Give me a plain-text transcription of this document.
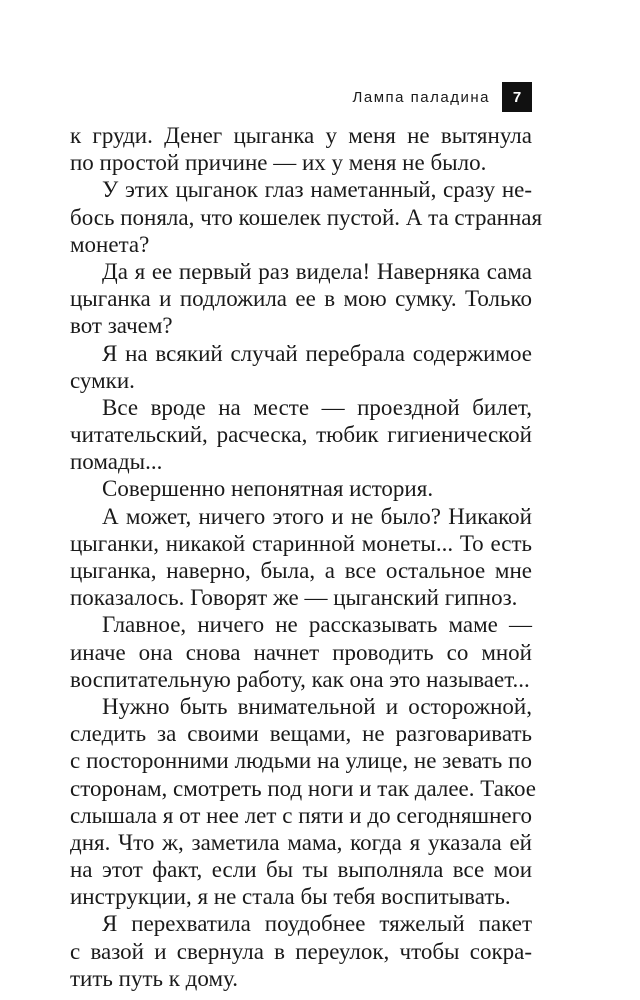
Лампа паладина	7
к груди. Денег цыганка у меня не вытянула
по простой причине — их у меня не было.
У этих цыганок глаз наметанный, сразу не-
бось поняла, что кошелек пустой. А та странная
монета?
Да я ее первый раз видела! Наверняка сама
цыганка и подложила ее в мою сумку. Только
вот зачем?
Я на всякий случай перебрала содержимое
сумки.
Все вроде на месте — проездной билет,
читательский, расческа, тюбик гигиенической
помады...
Совершенно непонятная история.
А может, ничего этого и не было? Никакой
цыганки, никакой старинной монеты... То есть
цыганка, наверно, была, а все остальное мне
показалось. Говорят же — цыганский гипноз.
Главное, ничего не рассказывать маме —
иначе она снова начнет проводить со мной
воспитательную работу, как она это называет...
Нужно быть внимательной и осторожной,
следить за своими вещами, не разговаривать
с посторонними людьми на улице, не зевать по
сторонам, смотреть под ноги и так далее. Такое
слышала я от нее лет с пяти и до сегодняшнего
дня. Что ж, заметила мама, когда я указала ей
на этот факт, если бы ты выполняла все мои
инструкции, я не стала бы тебя воспитывать.
Я перехватила поудобнее тяжелый пакет
с вазой и свернула в переулок, чтобы сокра-
тить путь к дому.
